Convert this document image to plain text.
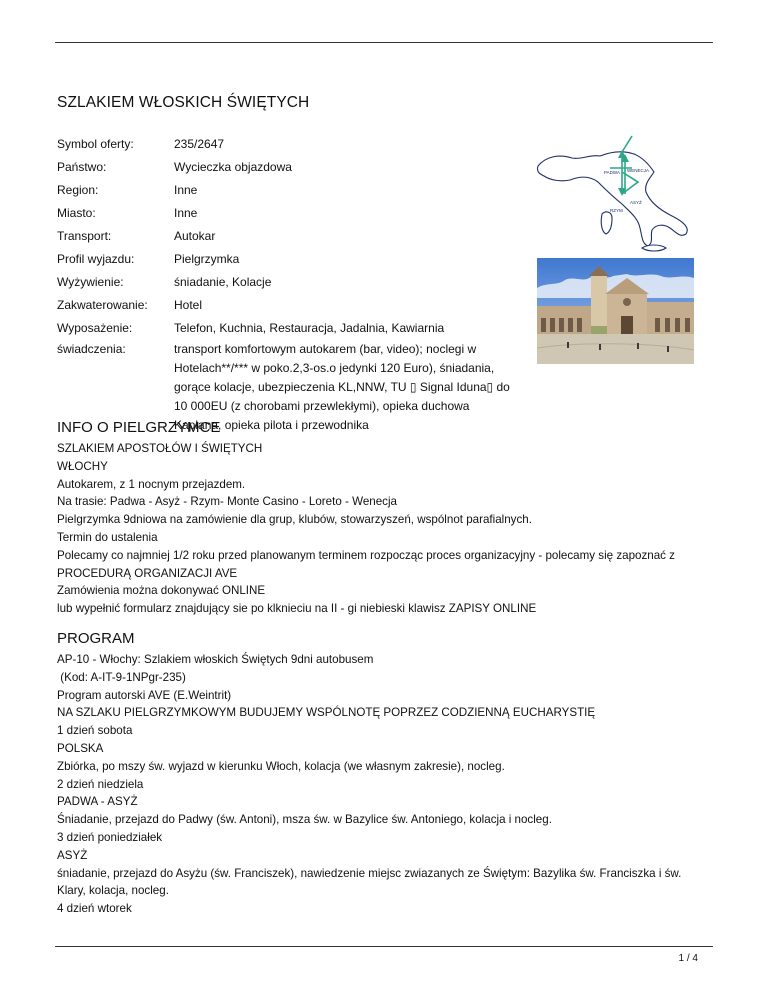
SZLAKIEM WŁOSKICH ŚWIĘTYCH
Symbol oferty:	235/2647
Państwo:	Wycieczka objazdowa
Region:	Inne
Miasto:	Inne
Transport:	Autokar
Profil wyjazdu:	Pielgrzymka
Wyżywienie:	śniadanie, Kolacje
Zakwaterowanie:	Hotel
Wyposażenie:	Telefon, Kuchnia, Restauracja, Jadalnia, Kawiarnia
świadczenia:	transport komfortowym autokarem (bar, video); noclegi w
Hotelach**/*** w poko.2,3-os.o jedynki 120 Euro), śniadania,
gorące kolacje, ubezpieczenia KL,NNW, TU ▯ Signal Iduna▯ do
10 000EU (z chorobami przewlekłymi), opieka duchowa
Kapłana, opieka pilota i przewodnika
PADWA WENECJA
ASYŻ
RZYM
INFO O PIELGRZYMCE
SZLAKIEM APOSTOŁÓW I ŚWIĘTYCH
WŁOCHY
Autokarem, z 1 nocnym przejazdem.
Na trasie: Padwa - Asyż - Rzym- Monte Casino - Loreto - Wenecja
Pielgrzymka 9dniowa na zamówienie dla grup, klubów, stowarzyszeń, wspólnot parafialnych.
Termin do ustalenia
Polecamy co najmniej 1/2 roku przed planowanym terminem rozpocząc proces organizacyjny - polecamy się zapoznać z
PROCEDURĄ ORGANIZACJI AVE
Zamówienia można dokonywać ONLINE
lub wypełnić formularz znajdujący sie po klknieciu na II - gi niebieski klawisz ZAPISY ONLINE
PROGRAM
AP-10 - Włochy: Szlakiem włoskich Świętych 9dni autobusem
(Kod: A-IT-9-1NPgr-235)
Program autorski AVE (E.Weintrit)
NA SZLAKU PIELGRZYMKOWYM BUDUJEMY WSPÓLNOTĘ POPRZEZ CODZIENNĄ EUCHARYSTIĘ
1 dzień sobota
POLSKA
Zbiórka, po mszy św. wyjazd w kierunku Włoch, kolacja (we własnym zakresie), nocleg.
2 dzień niedziela
PADWA - ASYŻ
Śniadanie, przejazd do Padwy (św. Antoni), msza św. w Bazylice św. Antoniego, kolacja i nocleg.
3 dzień poniedziałek
ASYŻ
śniadanie, przejazd do Asyżu (św. Franciszek), nawiedzenie miejsc zwiazanych ze Świętym: Bazylika św. Franciszka i św.
Klary, kolacja, nocleg.
4 dzień wtorek
1 / 4
